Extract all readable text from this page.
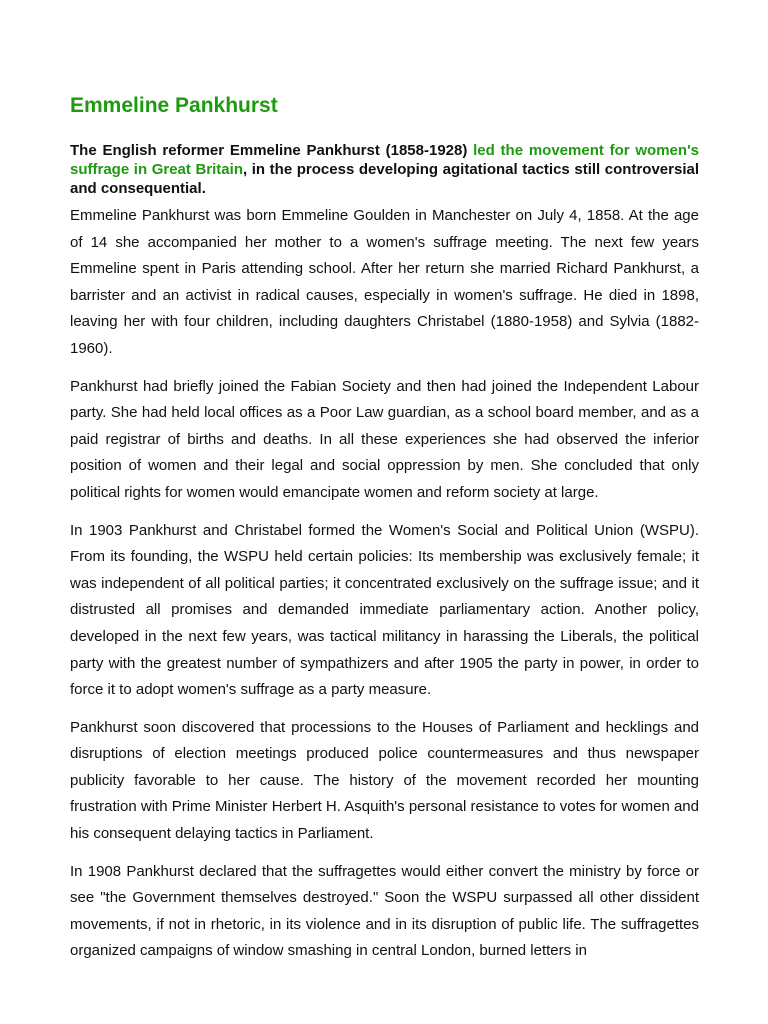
Emmeline Pankhurst

The English reformer Emmeline Pankhurst (1858-1928) led the movement for women's suffrage in Great Britain, in the process developing agitational tactics still controversial and consequential.

Emmeline Pankhurst was born Emmeline Goulden in Manchester on July 4, 1858. At the age of 14 she accompanied her mother to a women's suffrage meeting. The next few years Emmeline spent in Paris attending school. After her return she married Richard Pankhurst, a barrister and an activist in radical causes, especially in women's suffrage. He died in 1898, leaving her with four children, including daughters Christabel (1880-1958) and Sylvia (1882-1960).

Pankhurst had briefly joined the Fabian Society and then had joined the Independent Labour party. She had held local offices as a Poor Law guardian, as a school board member, and as a paid registrar of births and deaths. In all these experiences she had observed the inferior position of women and their legal and social oppression by men. She concluded that only political rights for women would emancipate women and reform society at large.

In 1903 Pankhurst and Christabel formed the Women's Social and Political Union (WSPU). From its founding, the WSPU held certain policies: Its membership was exclusively female; it was independent of all political parties; it concentrated exclusively on the suffrage issue; and it distrusted all promises and demanded immediate parliamentary action. Another policy, developed in the next few years, was tactical militancy in harassing the Liberals, the political party with the greatest number of sympathizers and after 1905 the party in power, in order to force it to adopt women's suffrage as a party measure.

Pankhurst soon discovered that processions to the Houses of Parliament and hecklings and disruptions of election meetings produced police countermeasures and thus newspaper publicity favorable to her cause. The history of the movement recorded her mounting frustration with Prime Minister Herbert H. Asquith's personal resistance to votes for women and his consequent delaying tactics in Parliament.

In 1908 Pankhurst declared that the suffragettes would either convert the ministry by force or see "the Government themselves destroyed." Soon the WSPU surpassed all other dissident movements, if not in rhetoric, in its violence and in its disruption of public life. The suffragettes organized campaigns of window smashing in central London, burned letters in
